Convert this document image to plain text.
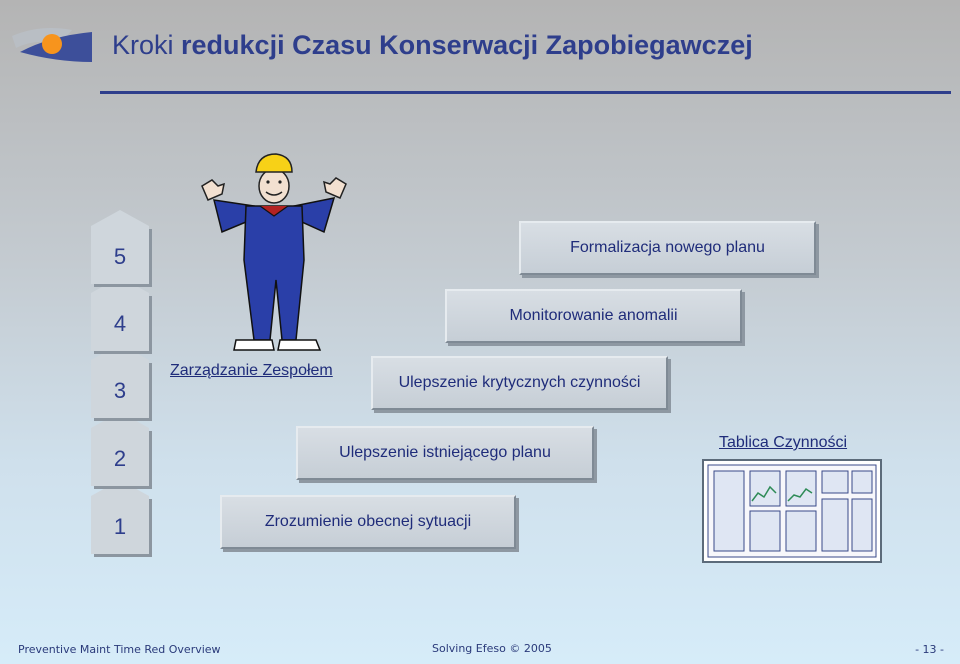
Kroki redukcji Czasu Konserwacji Zapobiegawczej
1
2
3
4
5
Zrozumienie obecnej sytuacji
Ulepszenie istniejącego planu
Ulepszenie krytycznych czynności
Monitorowanie anomalii
Formalizacja nowego planu
Zarządzanie Zespołem
Tablica Czynności
Preventive Maint Time Red Overview	Solving Efeso © 2005	- 13 -
